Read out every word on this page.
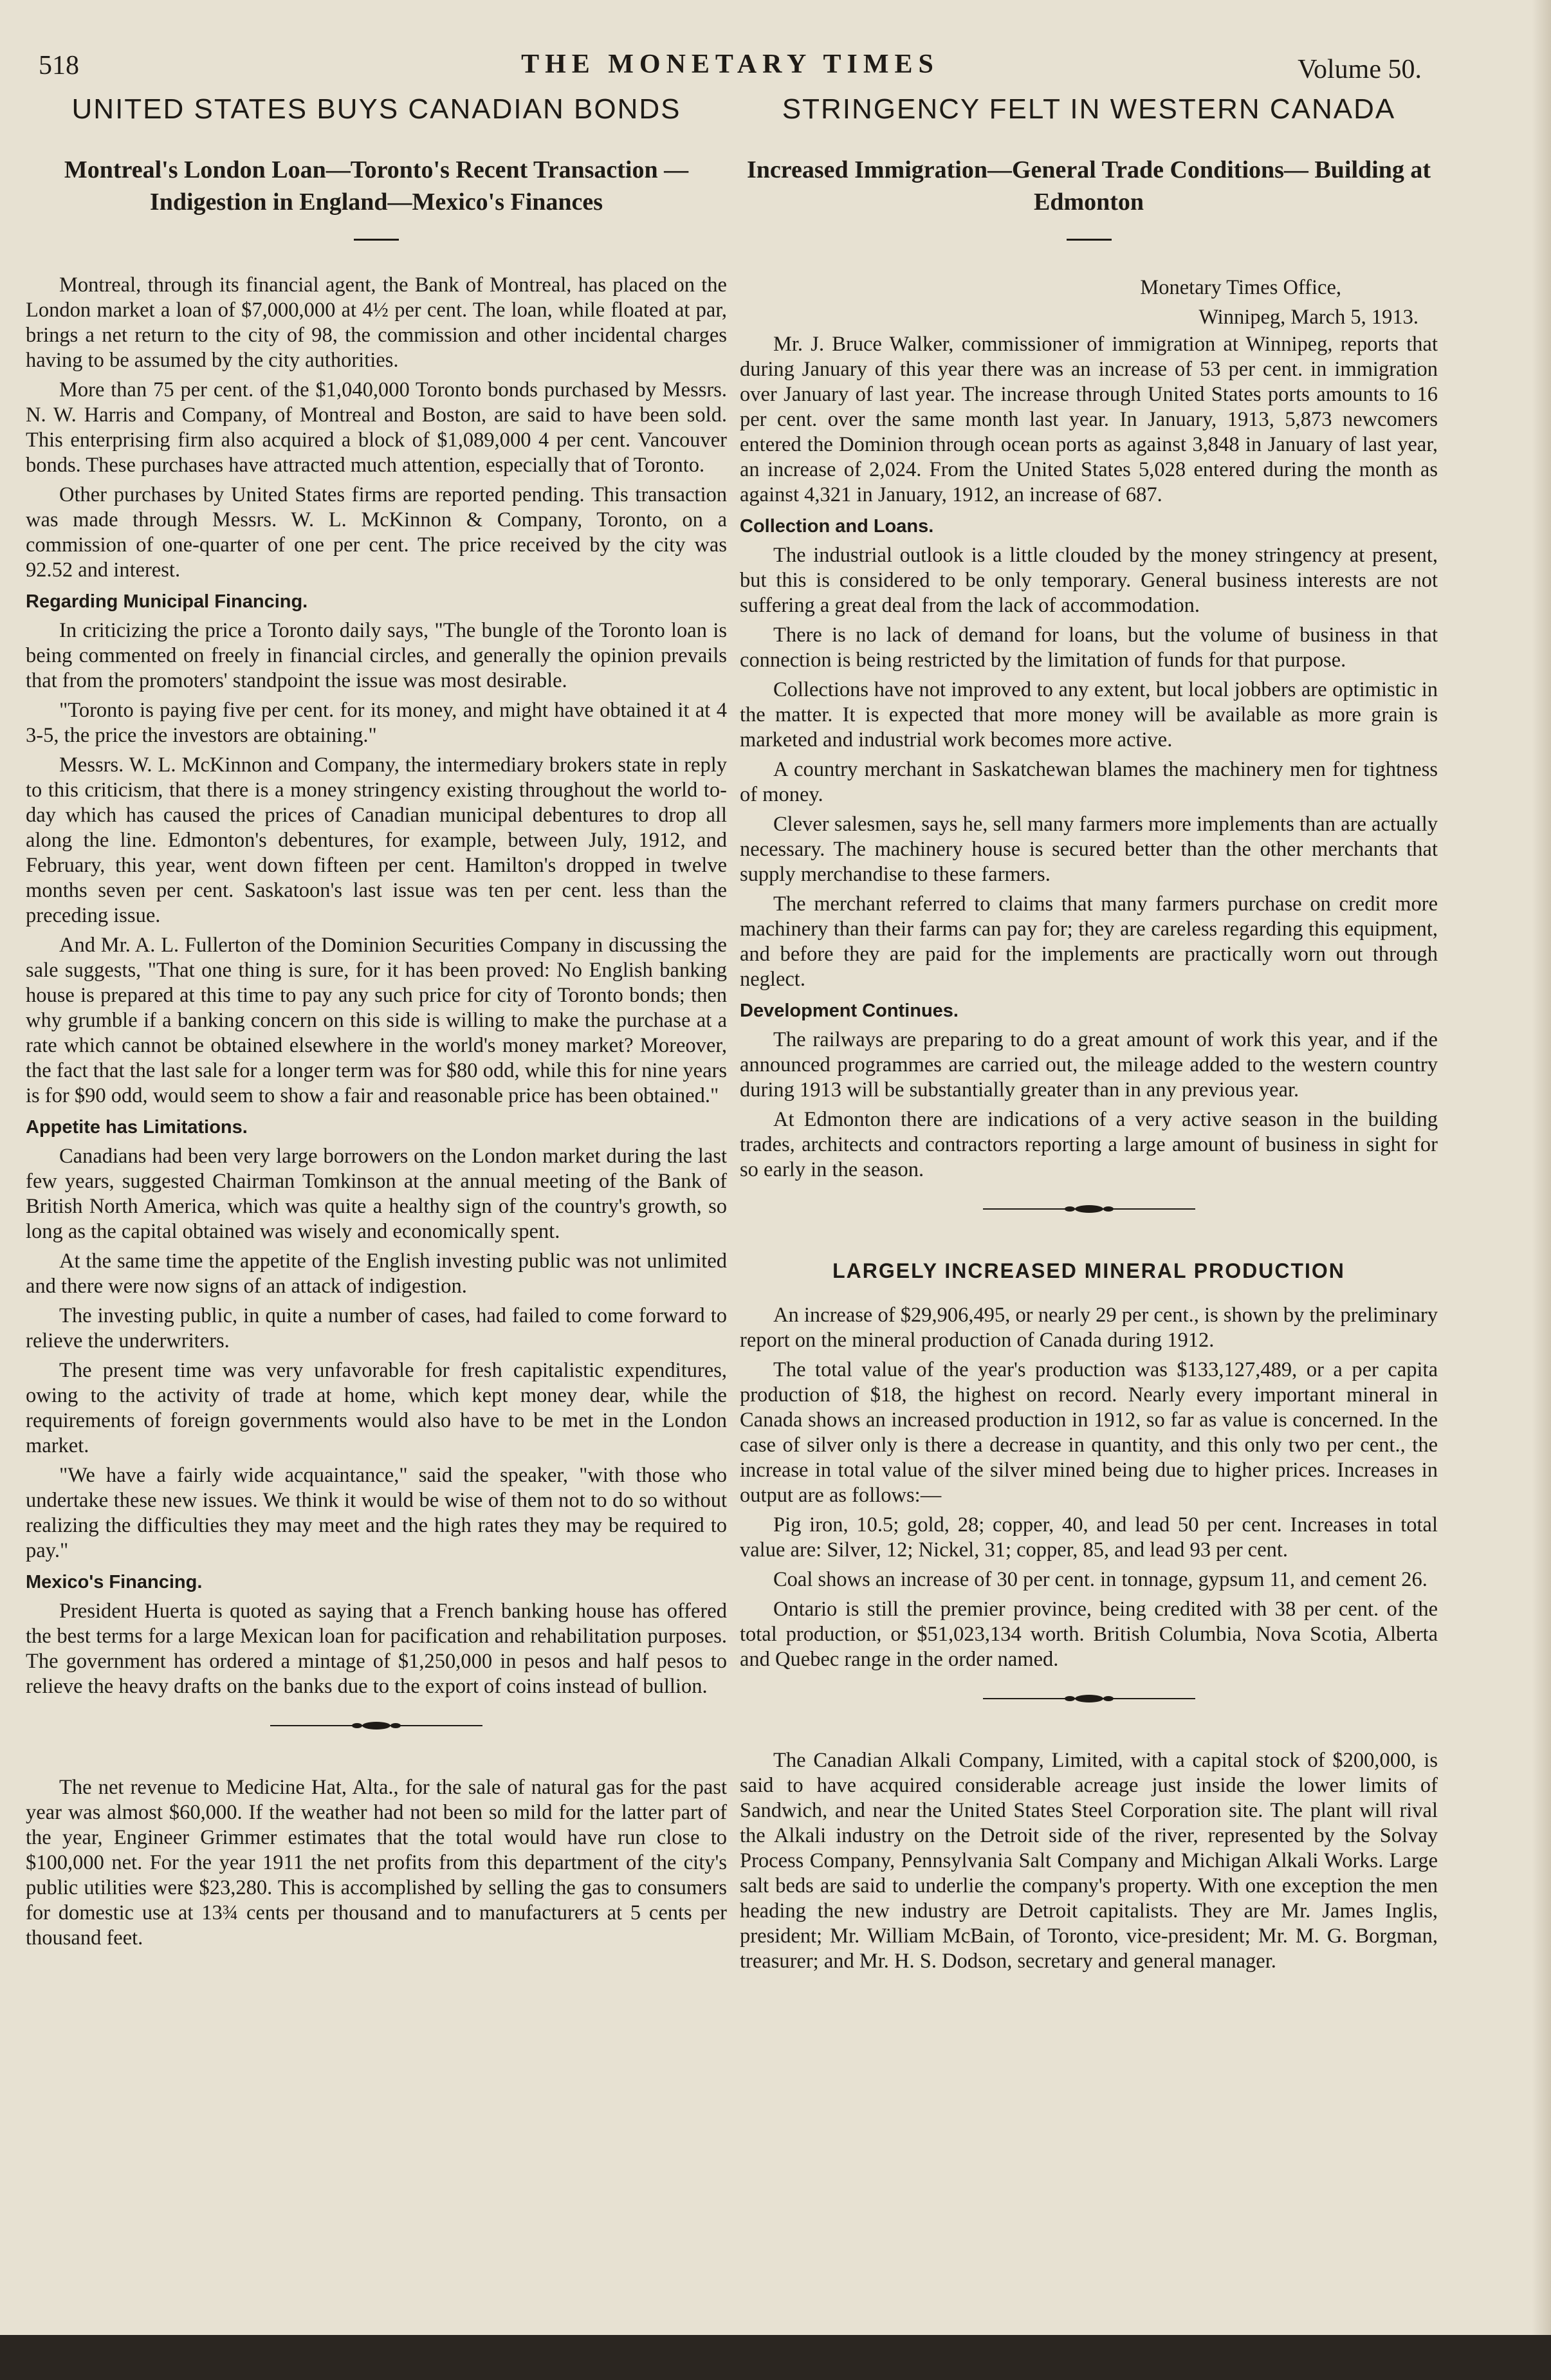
518	THE MONETARY TIMES	Volume 50.
UNITED STATES BUYS CANADIAN BONDS
Montreal's London Loan—Toronto's Recent Transaction —Indigestion in England—Mexico's Finances

Montreal, through its financial agent, the Bank of Montreal, has placed on the London market a loan of $7,000,000 at 4½ per cent. The loan, while floated at par, brings a net return to the city of 98, the commission and other incidental charges having to be assumed by the city authorities.

More than 75 per cent. of the $1,040,000 Toronto bonds purchased by Messrs. N. W. Harris and Company, of Montreal and Boston, are said to have been sold. This enterprising firm also acquired a block of $1,089,000 4 per cent. Vancouver bonds. These purchases have attracted much attention, especially that of Toronto.

Other purchases by United States firms are reported pending. This transaction was made through Messrs. W. L. McKinnon & Company, Toronto, on a commission of one-quarter of one per cent. The price received by the city was 92.52 and interest.

Regarding Municipal Financing.

In criticizing the price a Toronto daily says, "The bungle of the Toronto loan is being commented on freely in financial circles, and generally the opinion prevails that from the promoters' standpoint the issue was most desirable.

"Toronto is paying five per cent. for its money, and might have obtained it at 4 3-5, the price the investors are obtaining."

Messrs. W. L. McKinnon and Company, the intermediary brokers state in reply to this criticism, that there is a money stringency existing throughout the world to-day which has caused the prices of Canadian municipal debentures to drop all along the line. Edmonton's debentures, for example, between July, 1912, and February, this year, went down fifteen per cent. Hamilton's dropped in twelve months seven per cent. Saskatoon's last issue was ten per cent. less than the preceding issue.

And Mr. A. L. Fullerton of the Dominion Securities Company in discussing the sale suggests, "That one thing is sure, for it has been proved: No English banking house is prepared at this time to pay any such price for city of Toronto bonds; then why grumble if a banking concern on this side is willing to make the purchase at a rate which cannot be obtained elsewhere in the world's money market? Moreover, the fact that the last sale for a longer term was for $80 odd, while this for nine years is for $90 odd, would seem to show a fair and reasonable price has been obtained."

Appetite has Limitations.

Canadians had been very large borrowers on the London market during the last few years, suggested Chairman Tomkinson at the annual meeting of the Bank of British North America, which was quite a healthy sign of the country's growth, so long as the capital obtained was wisely and economically spent.

At the same time the appetite of the English investing public was not unlimited and there were now signs of an attack of indigestion.

The investing public, in quite a number of cases, had failed to come forward to relieve the underwriters.

The present time was very unfavorable for fresh capitalistic expenditures, owing to the activity of trade at home, which kept money dear, while the requirements of foreign governments would also have to be met in the London market.

"We have a fairly wide acquaintance," said the speaker, "with those who undertake these new issues. We think it would be wise of them not to do so without realizing the difficulties they may meet and the high rates they may be required to pay."

Mexico's Financing.

President Huerta is quoted as saying that a French banking house has offered the best terms for a large Mexican loan for pacification and rehabilitation purposes. The government has ordered a mintage of $1,250,000 in pesos and half pesos to relieve the heavy drafts on the banks due to the export of coins instead of bullion.

The net revenue to Medicine Hat, Alta., for the sale of natural gas for the past year was almost $60,000. If the weather had not been so mild for the latter part of the year, Engineer Grimmer estimates that the total would have run close to $100,000 net. For the year 1911 the net profits from this department of the city's public utilities were $23,280. This is accomplished by selling the gas to consumers for domestic use at 13¾ cents per thousand and to manufacturers at 5 cents per thousand feet.

STRINGENCY FELT IN WESTERN CANADA
Increased Immigration—General Trade Conditions— Building at Edmonton
Monetary Times Office,
Winnipeg, March 5, 1913.

Mr. J. Bruce Walker, commissioner of immigration at Winnipeg, reports that during January of this year there was an increase of 53 per cent. in immigration over January of last year. The increase through United States ports amounts to 16 per cent. over the same month last year. In January, 1913, 5,873 newcomers entered the Dominion through ocean ports as against 3,848 in January of last year, an increase of 2,024. From the United States 5,028 entered during the month as against 4,321 in January, 1912, an increase of 687.

Collection and Loans.

The industrial outlook is a little clouded by the money stringency at present, but this is considered to be only temporary. General business interests are not suffering a great deal from the lack of accommodation.

There is no lack of demand for loans, but the volume of business in that connection is being restricted by the limitation of funds for that purpose.

Collections have not improved to any extent, but local jobbers are optimistic in the matter. It is expected that more money will be available as more grain is marketed and industrial work becomes more active.

A country merchant in Saskatchewan blames the machinery men for tightness of money.

Clever salesmen, says he, sell many farmers more implements than are actually necessary. The machinery house is secured better than the other merchants that supply merchandise to these farmers.

The merchant referred to claims that many farmers purchase on credit more machinery than their farms can pay for; they are careless regarding this equipment, and before they are paid for the implements are practically worn out through neglect.

Development Continues.

The railways are preparing to do a great amount of work this year, and if the announced programmes are carried out, the mileage added to the western country during 1913 will be substantially greater than in any previous year.

At Edmonton there are indications of a very active season in the building trades, architects and contractors reporting a large amount of business in sight for so early in the season.

LARGELY INCREASED MINERAL PRODUCTION

An increase of $29,906,495, or nearly 29 per cent., is shown by the preliminary report on the mineral production of Canada during 1912.

The total value of the year's production was $133,127,489, or a per capita production of $18, the highest on record. Nearly every important mineral in Canada shows an increased production in 1912, so far as value is concerned. In the case of silver only is there a decrease in quantity, and this only two per cent., the increase in total value of the silver mined being due to higher prices. Increases in output are as follows:—

Pig iron, 10.5; gold, 28; copper, 40, and lead 50 per cent. Increases in total value are: Silver, 12; Nickel, 31; copper, 85, and lead 93 per cent.

Coal shows an increase of 30 per cent. in tonnage, gypsum 11, and cement 26.

Ontario is still the premier province, being credited with 38 per cent. of the total production, or $51,023,134 worth. British Columbia, Nova Scotia, Alberta and Quebec range in the order named.

The Canadian Alkali Company, Limited, with a capital stock of $200,000, is said to have acquired considerable acreage just inside the lower limits of Sandwich, and near the United States Steel Corporation site. The plant will rival the Alkali industry on the Detroit side of the river, represented by the Solvay Process Company, Pennsylvania Salt Company and Michigan Alkali Works. Large salt beds are said to underlie the company's property. With one exception the men heading the new industry are Detroit capitalists. They are Mr. James Inglis, president; Mr. William McBain, of Toronto, vice-president; Mr. M. G. Borgman, treasurer; and Mr. H. S. Dodson, secretary and general manager.
